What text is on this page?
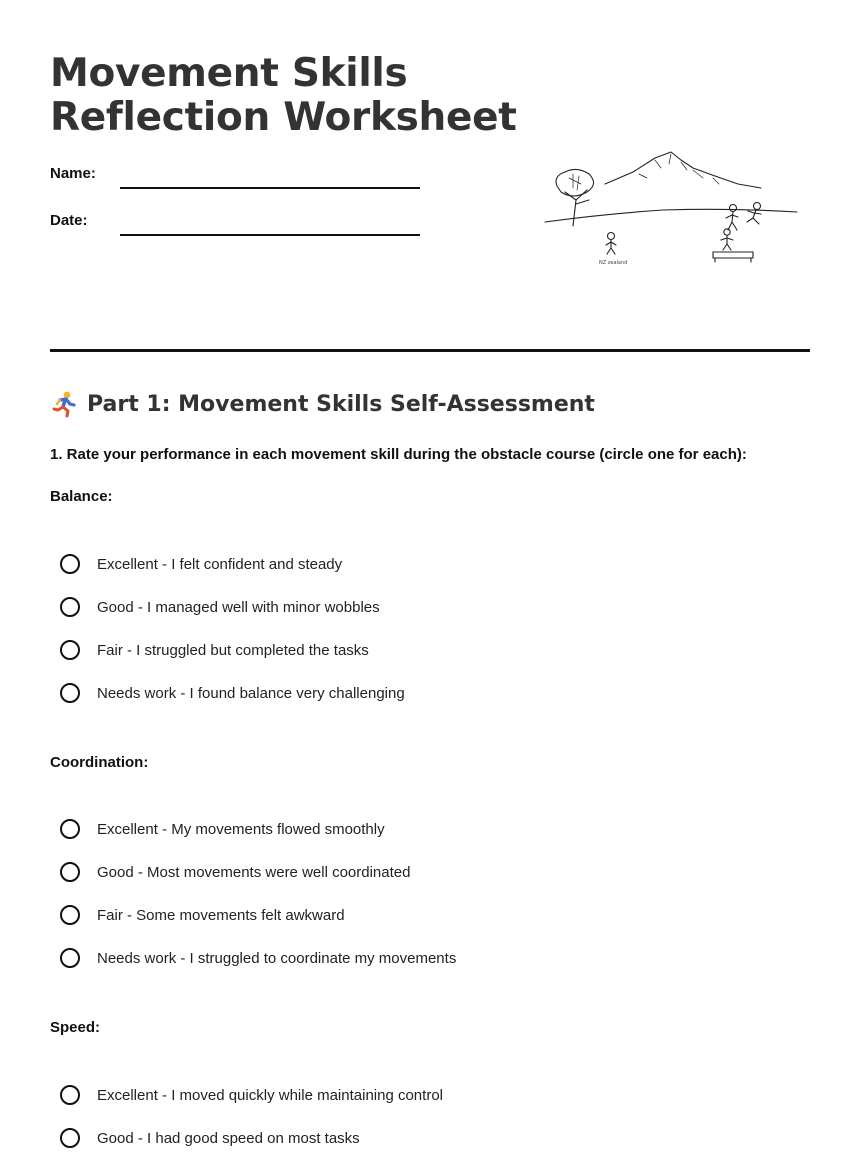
Movement Skills
Reflection Worksheet
Name:
Date:
NZ zealand
Part 1: Movement Skills Self-Assessment
1. Rate your performance in each movement skill during the obstacle course (circle one for each):
Balance:
Excellent - I felt confident and steady
Good - I managed well with minor wobbles
Fair - I struggled but completed the tasks
Needs work - I found balance very challenging
Coordination:
Excellent - My movements flowed smoothly
Good - Most movements were well coordinated
Fair - Some movements felt awkward
Needs work - I struggled to coordinate my movements
Speed:
Excellent - I moved quickly while maintaining control
Good - I had good speed on most tasks
